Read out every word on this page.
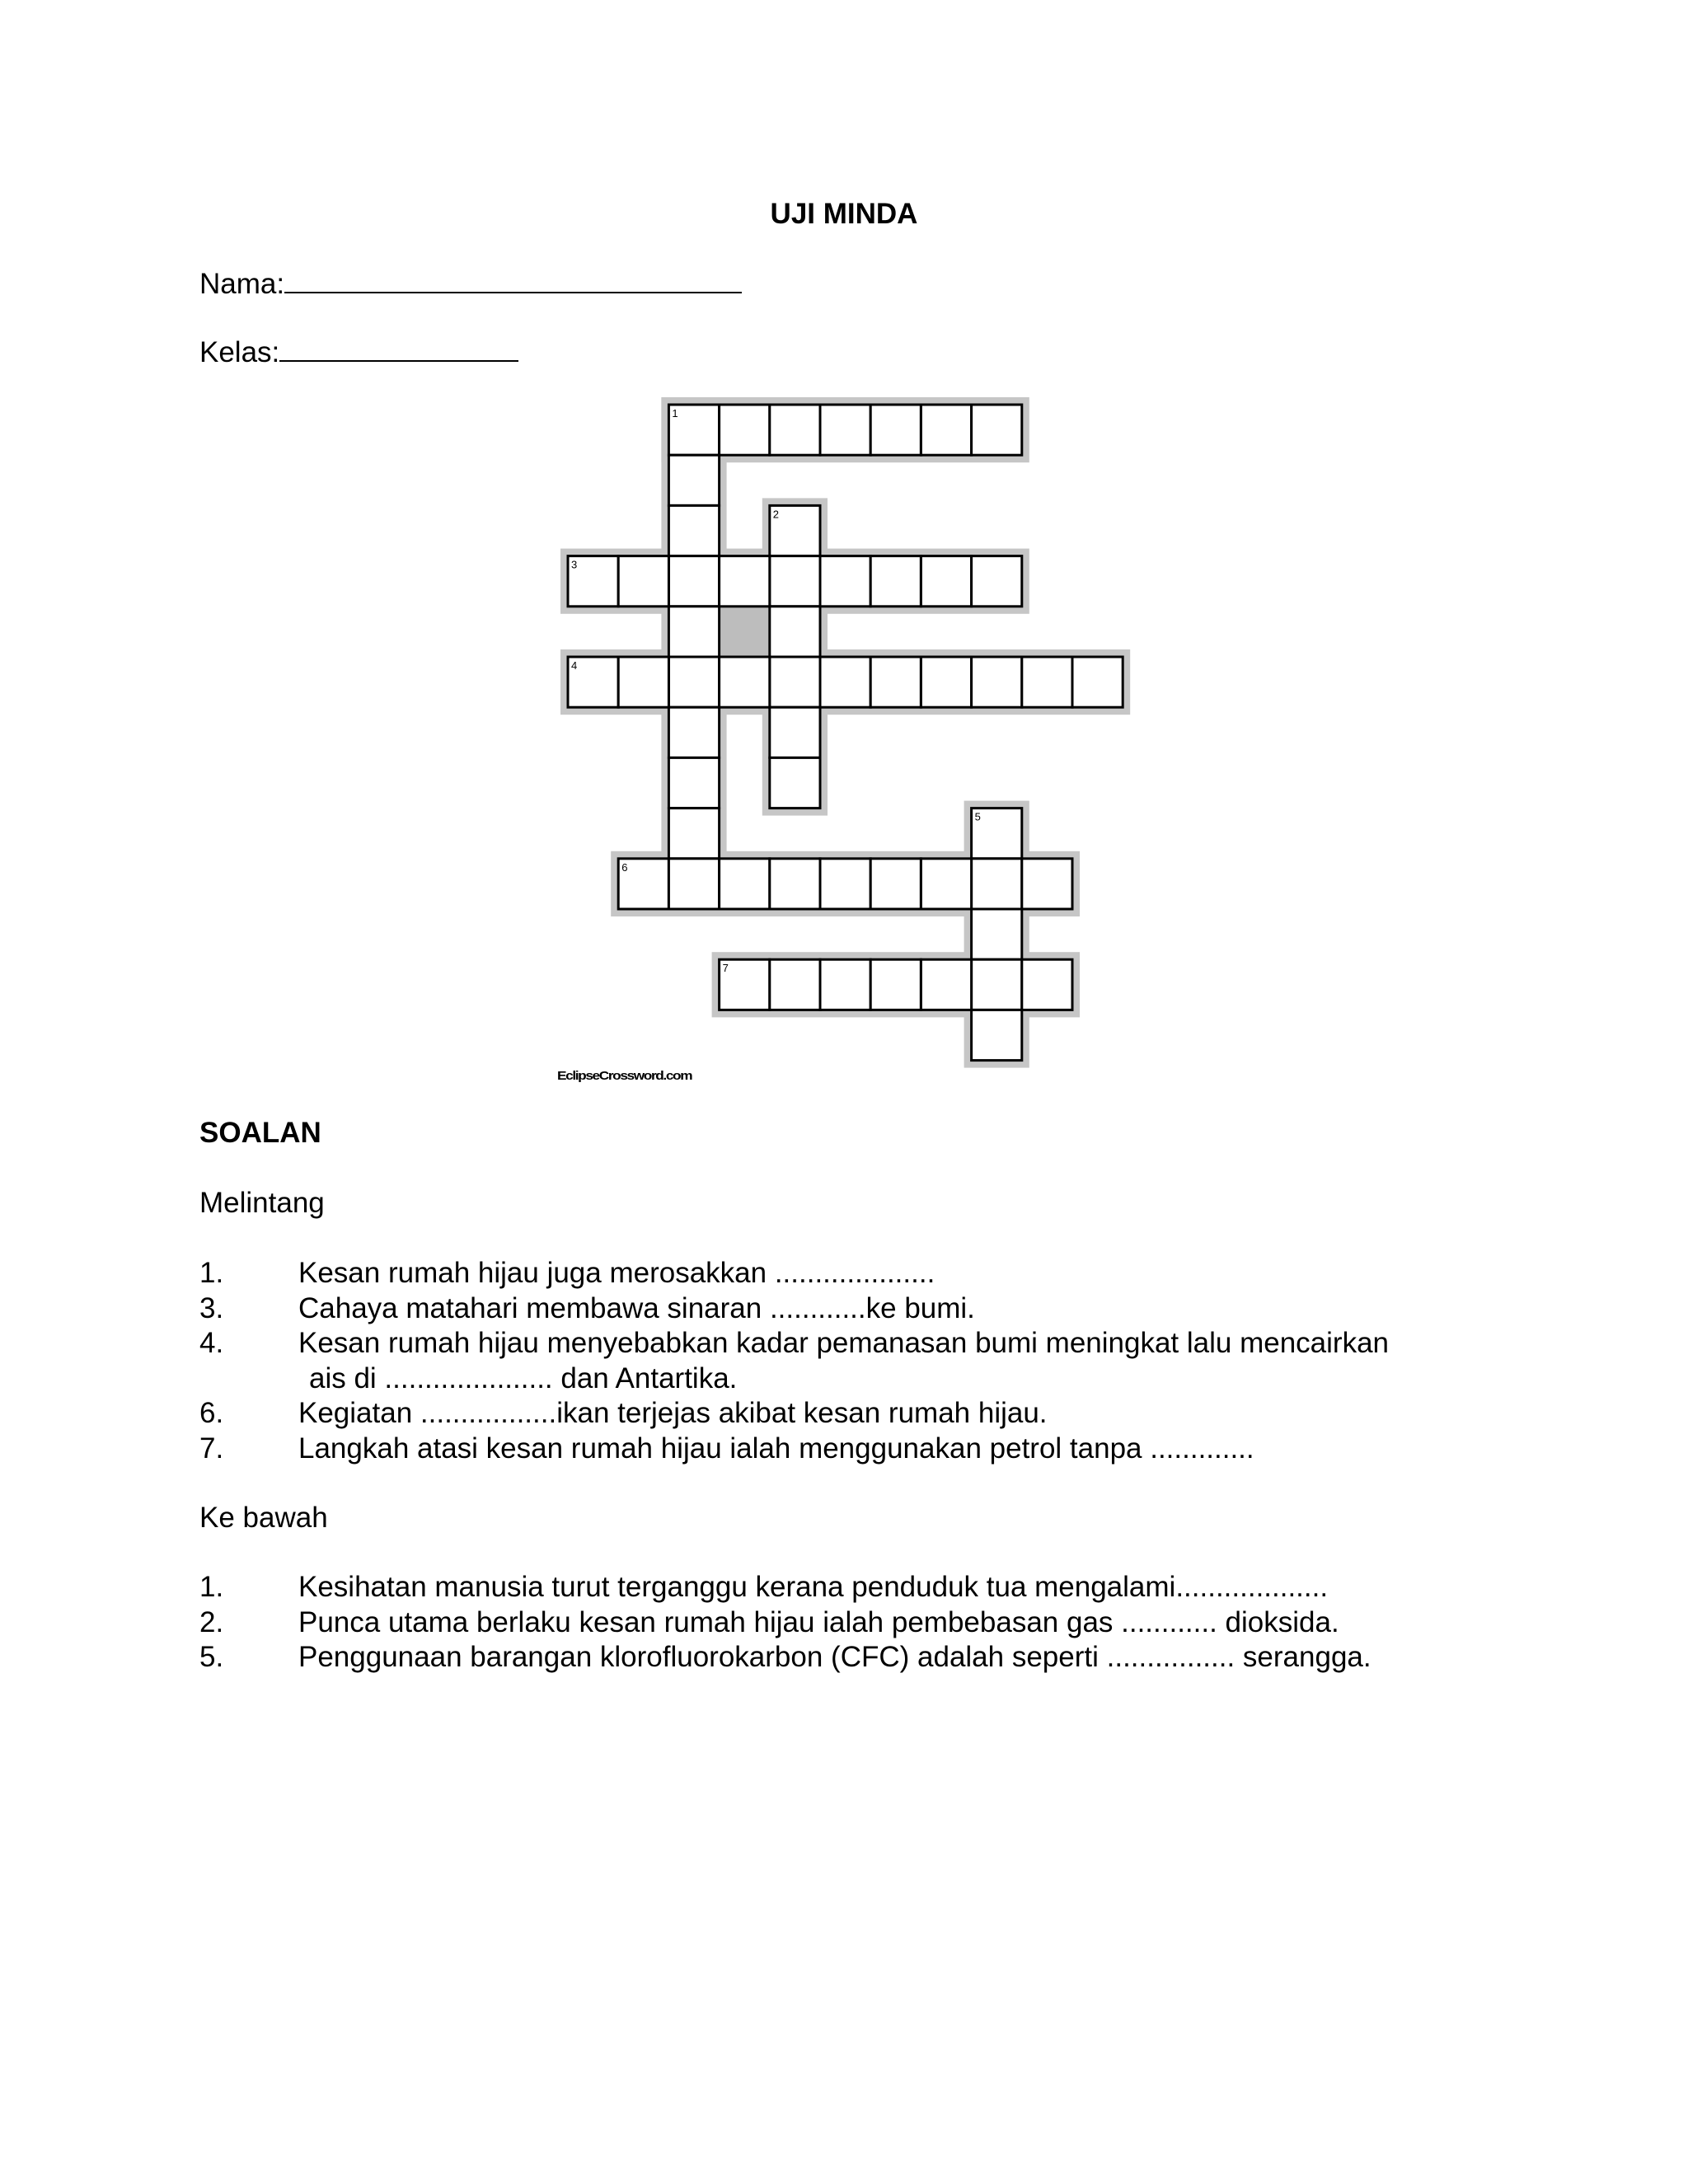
UJI MINDA
Nama:
Kelas:
1
2
3
4
5
6
7
EclipseCrossword.com
SOALAN
Melintang
1.	Kesan rumah hijau juga merosakkan ....................
3.	Cahaya matahari membawa sinaran ............ke bumi.
4.	Kesan rumah hijau menyebabkan kadar pemanasan bumi meningkat lalu mencairkan
ais di ..................... dan Antartika.
6.	Kegiatan .................ikan terjejas akibat kesan rumah hijau.
7.	Langkah atasi kesan rumah hijau ialah menggunakan petrol tanpa .............
Ke bawah
1.	Kesihatan manusia turut terganggu kerana penduduk tua mengalami...................
2.	Punca utama berlaku kesan rumah hijau ialah pembebasan gas ............ dioksida.
5.	Penggunaan barangan klorofluorokarbon (CFC) adalah seperti ................ serangga.
